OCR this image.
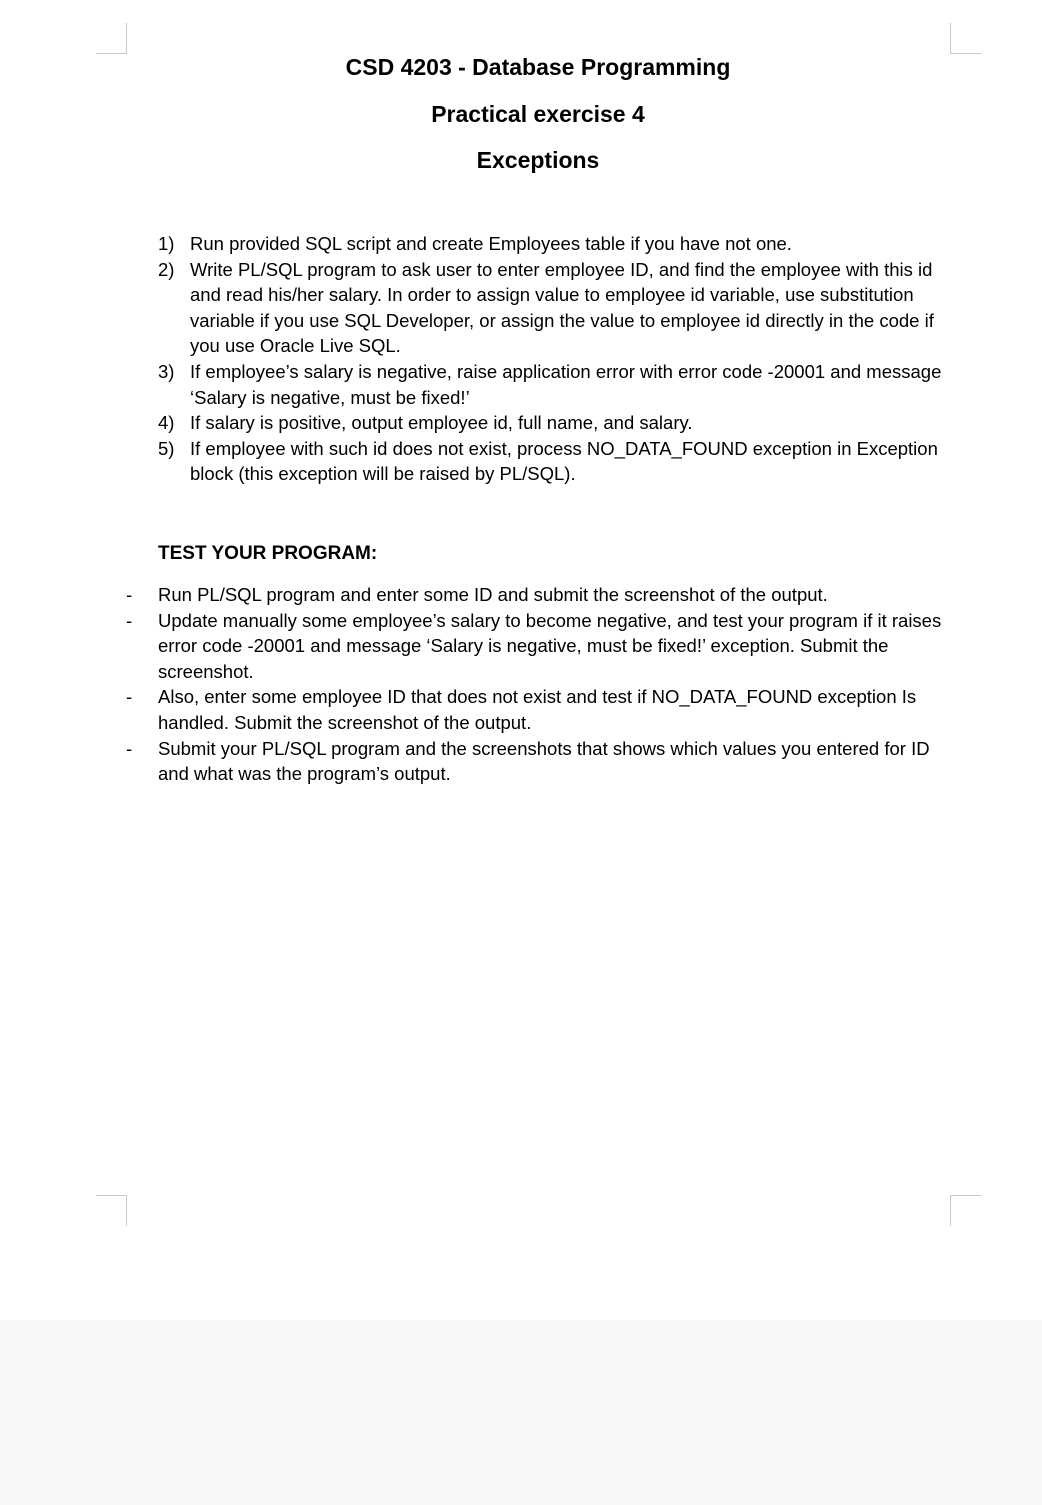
CSD 4203 - Database Programming
Practical exercise 4
Exceptions
1) Run provided SQL script and create Employees table if you have not one.
2) Write PL/SQL program to ask user to enter employee ID, and find the employee with this id and read his/her salary. In order to assign value to employee id variable, use substitution variable if you use SQL Developer, or assign the value to employee id directly in the code if you use Oracle Live SQL.
3) If employee’s salary is negative, raise application error with error code -20001 and message ‘Salary is negative, must be fixed!’
4) If salary is positive, output employee id, full name, and salary.
5) If employee with such id does not exist, process NO_DATA_FOUND exception in Exception block (this exception will be raised by PL/SQL).
TEST YOUR PROGRAM:
- Run PL/SQL program and enter some ID and submit the screenshot of the output.
- Update manually some employee’s salary to become negative, and test your program if it raises error code -20001 and message ‘Salary is negative, must be fixed!’ exception. Submit the screenshot.
- Also, enter some employee ID that does not exist and test if NO_DATA_FOUND exception Is handled. Submit the screenshot of the output.
- Submit your PL/SQL program and the screenshots that shows which values you entered for ID and what was the program’s output.
